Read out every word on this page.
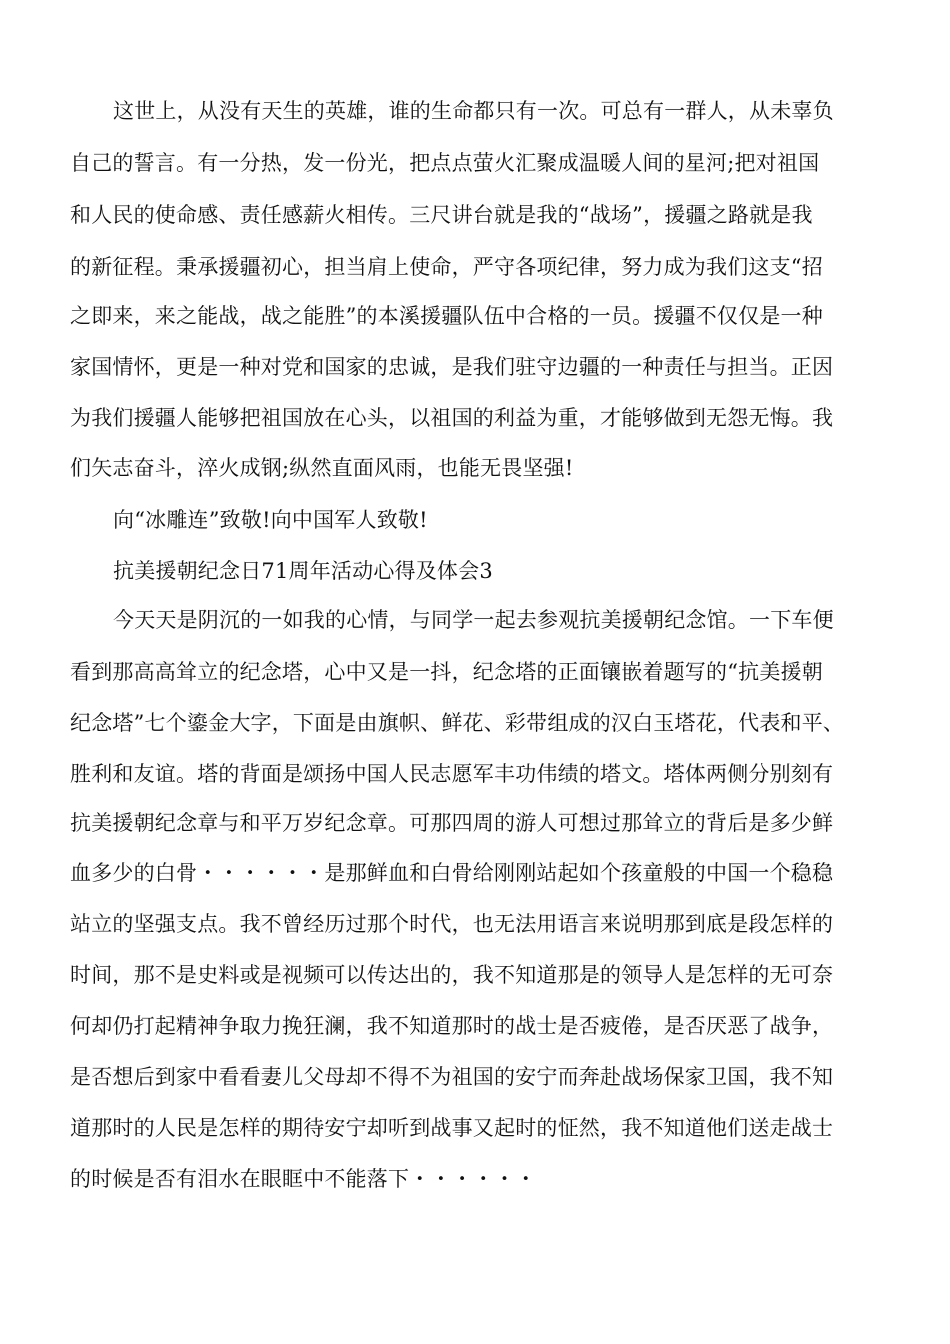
这世上，从没有天生的英雄，谁的生命都只有一次。可总有一群人，从未辜负
自己的誓言。有一分热，发一份光，把点点萤火汇聚成温暖人间的星河;把对祖国
和人民的使命感、责任感薪火相传。三尺讲台就是我的“战场”，援疆之路就是我
的新征程。秉承援疆初心，担当肩上使命，严守各项纪律，努力成为我们这支“招
之即来，来之能战，战之能胜”的本溪援疆队伍中合格的一员。援疆不仅仅是一种
家国情怀，更是一种对党和国家的忠诚，是我们驻守边疆的一种责任与担当。正因
为我们援疆人能够把祖国放在心头，以祖国的利益为重，才能够做到无怨无悔。我
们矢志奋斗，淬火成钢;纵然直面风雨，也能无畏坚强!
向“冰雕连”致敬!向中国军人致敬!
抗美援朝纪念日71周年活动心得及体会3
今天天是阴沉的一如我的心情，与同学一起去参观抗美援朝纪念馆。一下车便
看到那高高耸立的纪念塔，心中又是一抖，纪念塔的正面镶嵌着题写的“抗美援朝
纪念塔”七个鎏金大字，下面是由旗帜、鲜花、彩带组成的汉白玉塔花，代表和平、
胜利和友谊。塔的背面是颂扬中国人民志愿军丰功伟绩的塔文。塔体两侧分别刻有
抗美援朝纪念章与和平万岁纪念章。可那四周的游人可想过那耸立的背后是多少鲜
血多少的白骨・・・・・・是那鲜血和白骨给刚刚站起如个孩童般的中国一个稳稳
站立的坚强支点。我不曾经历过那个时代，也无法用语言来说明那到底是段怎样的
时间，那不是史料或是视频可以传达出的，我不知道那是的领导人是怎样的无可奈
何却仍打起精神争取力挽狂澜，我不知道那时的战士是否疲倦，是否厌恶了战争，
是否想后到家中看看妻儿父母却不得不为祖国的安宁而奔赴战场保家卫国，我不知
道那时的人民是怎样的期待安宁却听到战事又起时的怔然，我不知道他们送走战士
的时候是否有泪水在眼眶中不能落下・・・・・・
